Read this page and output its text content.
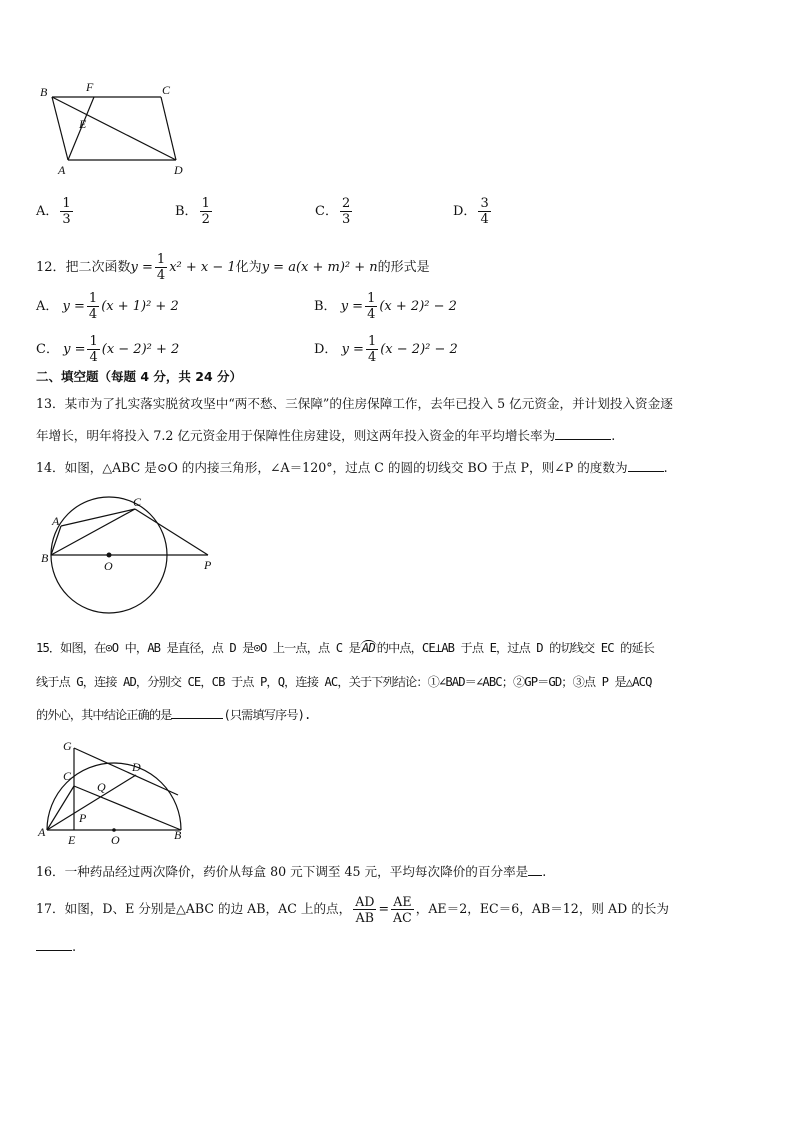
B	F	C
E
A	D
A． $\frac{1}{3}$	B． $\frac{1}{2}$	C． $\frac{2}{3}$	D． $\frac{3}{4}$
12．把二次函数$y = \frac{1}{4} x^2 + x - 1$化为y = a(x + m)² + n的形式是
A． $y = \frac{1}{4} (x + 1)^2 + 2$	B． $y = \frac{1}{4} (x + 2)^2 - 2$
C． $y = \frac{1}{4} (x - 2)^2 + 2$	D． $y = \frac{1}{4} (x - 2)^2 - 2$
二、填空题（每题 4 分，共 24 分）
13．某市为了扎实落实脱贫攻坚中“两不愁、三保障”的住房保障工作，去年已投入 5 亿元资金，并计划投入资金逐
年增长，明年将投入 7.2 亿元资金用于保障性住房建设，则这两年投入资金的年平均增长率为	.
14．如图，△ABC 是⊙O 的内接三角形，∠A＝120°，过点 C 的圆的切线交 BO 于点 P，则∠P 的度数为	.
A
B
C
O	P
15．如图，在⊙O 中，AB 是直径，点 D 是⊙O 上一点，点 C 是 AD 的中点，CE⊥AB 于点 E，过点 D 的切线交 EC 的延长
线于点 G，连接 AD，分别交 CE，CB 于点 P，Q，连接 AC，关于下列结论：①∠BAD＝∠ABC；②GP＝GD；③点 P 是△ACQ
的外心，其中结论正确的是	(只需填写序号).
G
C
D
Q
P
A
E	O	B
16．一种药品经过两次降价，药价从每盒 80 元下调至 45 元，平均每次降价的百分率是 .
17．如图，D、E 分别是△ABC 的边 AB，AC 上的点， $\frac{AD}{AB} = \frac{AE}{AC}$ ，AE＝2，EC＝6，AB＝12，则 AD 的长为
.
